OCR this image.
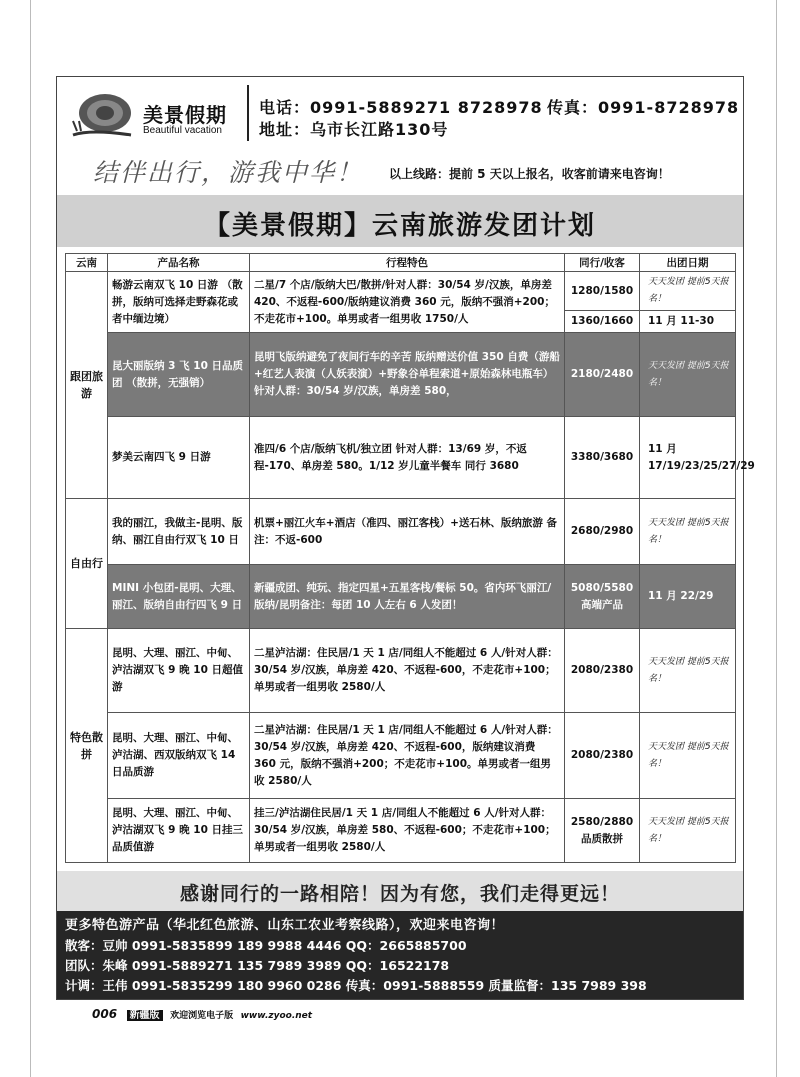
美景假期
Beautiful vacation
电话：0991-5889271 8728978 传真：0991-8728978
地址：乌市长江路130号
结伴出行，游我中华！ 以上线路：提前 5 天以上报名，收客前请来电咨询！
【美景假期】云南旅游发团计划
云南	产品名称	行程特色	同行/收客	出团日期
跟团旅游	畅游云南双飞 10 日游 （散拼，版纳可选择走野森花或者中缅边境）	二星/7 个店/版纳大巴/散拼/针对人群：30/54 岁/汉族，单房差 420、不返程-600/版纳建议消费 360 元，版纳不强消+200；不走花市+100。单男或者一组男收 1750/人	1280/1580	天天发团 提前5天报名！
			1360/1660	11 月 11-30
	昆大丽版纳 3 飞 10 日品质团 （散拼，无强销）	昆明飞版纳避免了夜间行车的辛苦 版纳赠送价值 350 自费（游船+红艺人表演（人妖表演）+野象谷单程索道+原始森林电瓶车）针对人群：30/54 岁/汉族，单房差 580，	2180/2480	天天发团 提前5天报名！
	梦美云南四飞 9 日游	准四/6 个店/版纳飞机/独立团 针对人群：13/69 岁，不返程-170、单房差 580。1/12 岁儿童半餐车 同行 3680	3380/3680	11 月 17/19/23/25/27/29
自由行	我的丽江，我做主-昆明、版纳、丽江自由行双飞 10 日	机票+丽江火车+酒店（准四、丽江客栈）+送石林、版纳旅游 备注：不返-600	2680/2980	天天发团 提前5天报名！
	MINI 小包团-昆明、大理、丽江、版纳自由行四飞 9 日	新疆成团、纯玩、指定四星+五星客栈/餐标 50。省内环飞丽江/版纳/昆明备注：每团 10 人左右 6 人发团！	5080/5580 高端产品	11 月 22/29
特色散拼	昆明、大理、丽江、中甸、泸沽湖双飞 9 晚 10 日超值游	二星泸沽湖：住民居/1 天 1 店/同组人不能超过 6 人/针对人群：30/54 岁/汉族，单房差 420、不返程-600，不走花市+100；单男或者一组男收 2580/人	2080/2380	天天发团 提前5天报名！
	昆明、大理、丽江、中甸、泸沽湖、西双版纳双飞 14 日品质游	二星泸沽湖：住民居/1 天 1 店/同组人不能超过 6 人/针对人群：30/54 岁/汉族，单房差 420、不返程-600，版纳建议消费 360 元，版纳不强消+200；不走花市+100。单男或者一组男收 2580/人	2080/2380	天天发团 提前5天报名！
	昆明、大理、丽江、中甸、泸沽湖双飞 9 晚 10 日挂三品质值游	挂三/泸沽湖住民居/1 天 1 店/同组人不能超过 6 人/针对人群：30/54 岁/汉族，单房差 580、不返程-600；不走花市+100；单男或者一组男收 2580/人	2580/2880 品质散拼	天天发团 提前5天报名！
感谢同行的一路相陪！因为有您，我们走得更远！
更多特色游产品（华北红色旅游、山东工农业考察线路），欢迎来电咨询！
散客：豆帅 0991-5835899 189 9988 4446 QQ：2665885700
团队：朱峰 0991-5889271 135 7989 3989 QQ：16522178
计调：王伟 0991-5835299 180 9960 0286 传真：0991-5888559 质量监督：135 7989 398
006 新疆版 欢迎浏览电子版 www.zyoo.net
